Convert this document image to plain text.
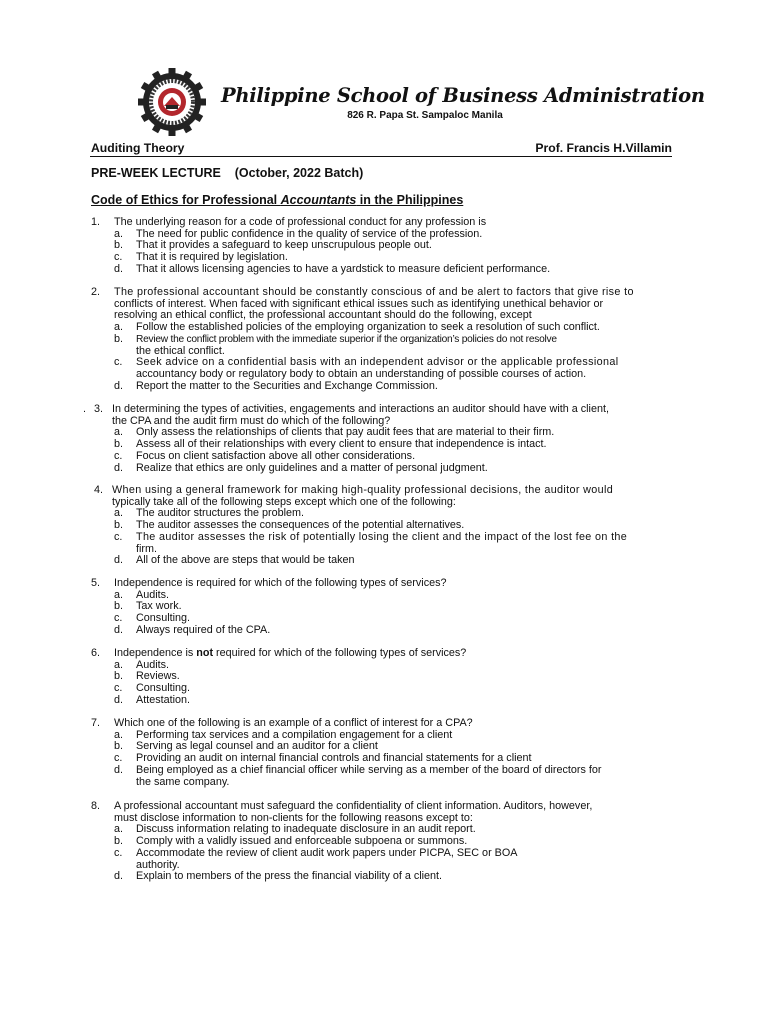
Philippine School of Business Administration
826 R. Papa St. Sampaloc Manila
Auditing Theory	Prof. Francis H.Villamin
PRE-WEEK LECTURE    (October, 2022 Batch)
Code of Ethics for Professional Accountants in the Philippines
1. The underlying reason for a code of professional conduct for any profession is
a. The need for public confidence in the quality of service of the profession.
b. That it provides a safeguard to keep unscrupulous people out.
c. That it is required by legislation.
d. That it allows licensing agencies to have a yardstick to measure deficient performance.
2. The professional accountant should be constantly conscious of and be alert to factors that give rise to
conflicts of interest. When faced with significant ethical issues such as identifying unethical behavior or
resolving an ethical conflict, the professional accountant should do the following, except
a. Follow the established policies of the employing organization to seek a resolution of such conflict.
b. Review the conflict problem with the immediate superior if the organization’s policies do not resolve
the ethical conflict.
c. Seek advice on a confidential basis with an independent advisor or the applicable professional
accountancy body or regulatory body to obtain an understanding of possible courses of action.
d. Report the matter to the Securities and Exchange Commission.
. 3. In determining the types of activities, engagements and interactions an auditor should have with a client,
the CPA and the audit firm must do which of the following?
a. Only assess the relationships of clients that pay audit fees that are material to their firm.
b. Assess all of their relationships with every client to ensure that independence is intact.
c. Focus on client satisfaction above all other considerations.
d. Realize that ethics are only guidelines and a matter of personal judgment.
4. When using a general framework for making high-quality professional decisions, the auditor would
typically take all of the following steps except which one of the following:
a. The auditor structures the problem.
b. The auditor assesses the consequences of the potential alternatives.
c. The auditor assesses the risk of potentially losing the client and the impact of the lost fee on the
firm.
d. All of the above are steps that would be taken
5. Independence is required for which of the following types of services?
a. Audits.
b. Tax work.
c. Consulting.
d. Always required of the CPA.
6. Independence is not required for which of the following types of services?
a. Audits.
b. Reviews.
c. Consulting.
d. Attestation.
7. Which one of the following is an example of a conflict of interest for a CPA?
a. Performing tax services and a compilation engagement for a client
b. Serving as legal counsel and an auditor for a client
c. Providing an audit on internal financial controls and financial statements for a client
d. Being employed as a chief financial officer while serving as a member of the board of directors for
the same company.
8. A professional accountant must safeguard the confidentiality of client information. Auditors, however,
must disclose information to non-clients for the following reasons except to:
a. Discuss information relating to inadequate disclosure in an audit report.
b. Comply with a validly issued and enforceable subpoena or summons.
c. Accommodate the review of client audit work papers under PICPA, SEC or BOA
authority.
d. Explain to members of the press the financial viability of a client.
